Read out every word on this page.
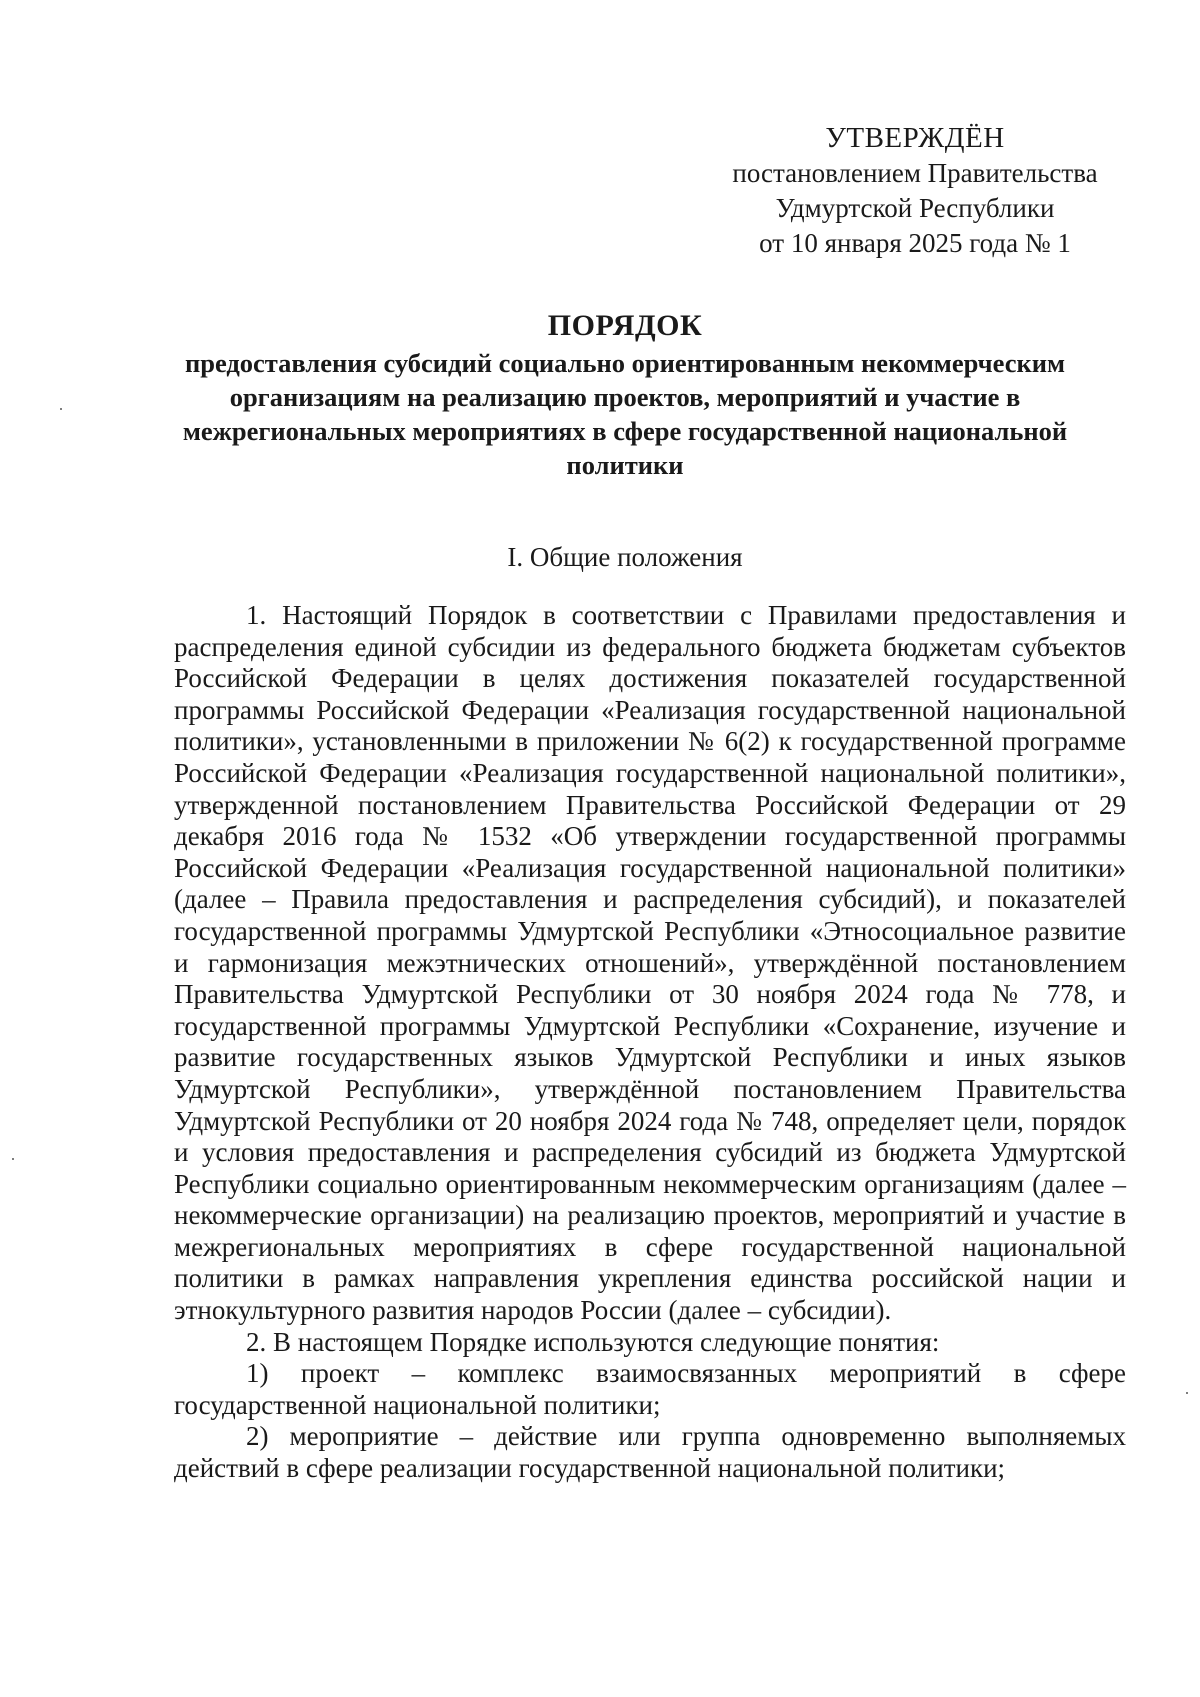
УТВЕРЖДЁН
постановлением Правительства
Удмуртской Республики
от 10 января 2025 года № 1
ПОРЯДОК
предоставления субсидий социально ориентированным некоммерческим организациям на реализацию проектов, мероприятий и участие в межрегиональных мероприятиях в сфере государственной национальной политики
I. Общие положения

1. Настоящий Порядок в соответствии с Правилами предоставления и распределения единой субсидии из федерального бюджета бюджетам субъектов Российской Федерации в целях достижения показателей государственной программы Российской Федерации «Реализация государственной национальной политики», установленными в приложении № 6(2) к государственной программе Российской Федерации «Реализация государственной национальной политики», утвержденной постановлением Правительства Российской Федерации от 29 декабря 2016 года № 1532 «Об утверждении государственной программы Российской Федерации «Реализация государственной национальной политики» (далее – Правила предоставления и распределения субсидий), и показателей государственной программы Удмуртской Республики «Этносоциальное развитие и гармонизация межэтнических отношений», утверждённой постановлением Правительства Удмуртской Республики от 30 ноября 2024 года № 778, и государственной программы Удмуртской Республики «Сохранение, изучение и развитие государственных языков Удмуртской Республики и иных языков Удмуртской Республики», утверждённой постановлением Правительства Удмуртской Республики от 20 ноября 2024 года № 748, определяет цели, порядок и условия предоставления и распределения субсидий из бюджета Удмуртской Республики социально ориентированным некоммерческим организациям (далее – некоммерческие организации) на реализацию проектов, мероприятий и участие в межрегиональных мероприятиях в сфере государственной национальной политики в рамках направления укрепления единства российской нации и этнокультурного развития народов России (далее – субсидии).

2. В настоящем Порядке используются следующие понятия:

1) проект – комплекс взаимосвязанных мероприятий в сфере государственной национальной политики;

2) мероприятие – действие или группа одновременно выполняемых действий в сфере реализации государственной национальной политики;
